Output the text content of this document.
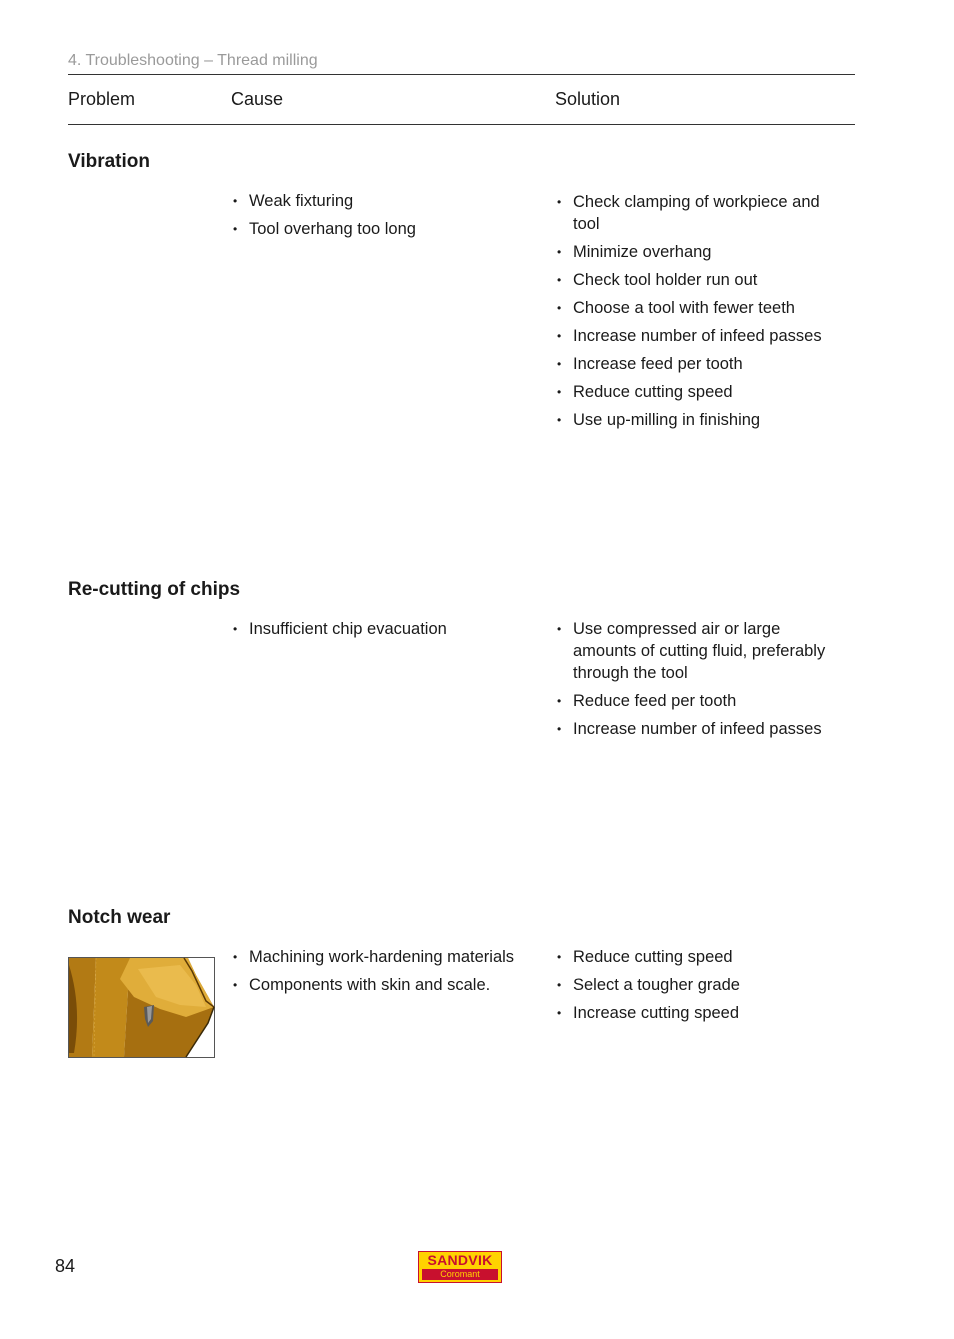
4. Troubleshooting – Thread milling
Problem	Cause	Solution
Vibration
• Weak fixturing
• Tool overhang too long
• Check clamping of workpiece and tool
• Minimize overhang
• Check tool holder run out
• Choose a tool with fewer teeth
• Increase number of infeed passes
• Increase feed per tooth
• Reduce cutting speed
• Use up-milling in finishing
Re-cutting of chips
• Insufficient chip evacuation
•	Use compressed air or large amounts of cutting fluid, preferably through the tool
• Reduce feed per tooth
• Increase number of infeed passes
Notch wear
• Machining work-hardening materials
• Components with skin and scale.
• Reduce cutting speed
• Select a tougher grade
• Increase cutting speed
84	SANDVIK
Coromant
